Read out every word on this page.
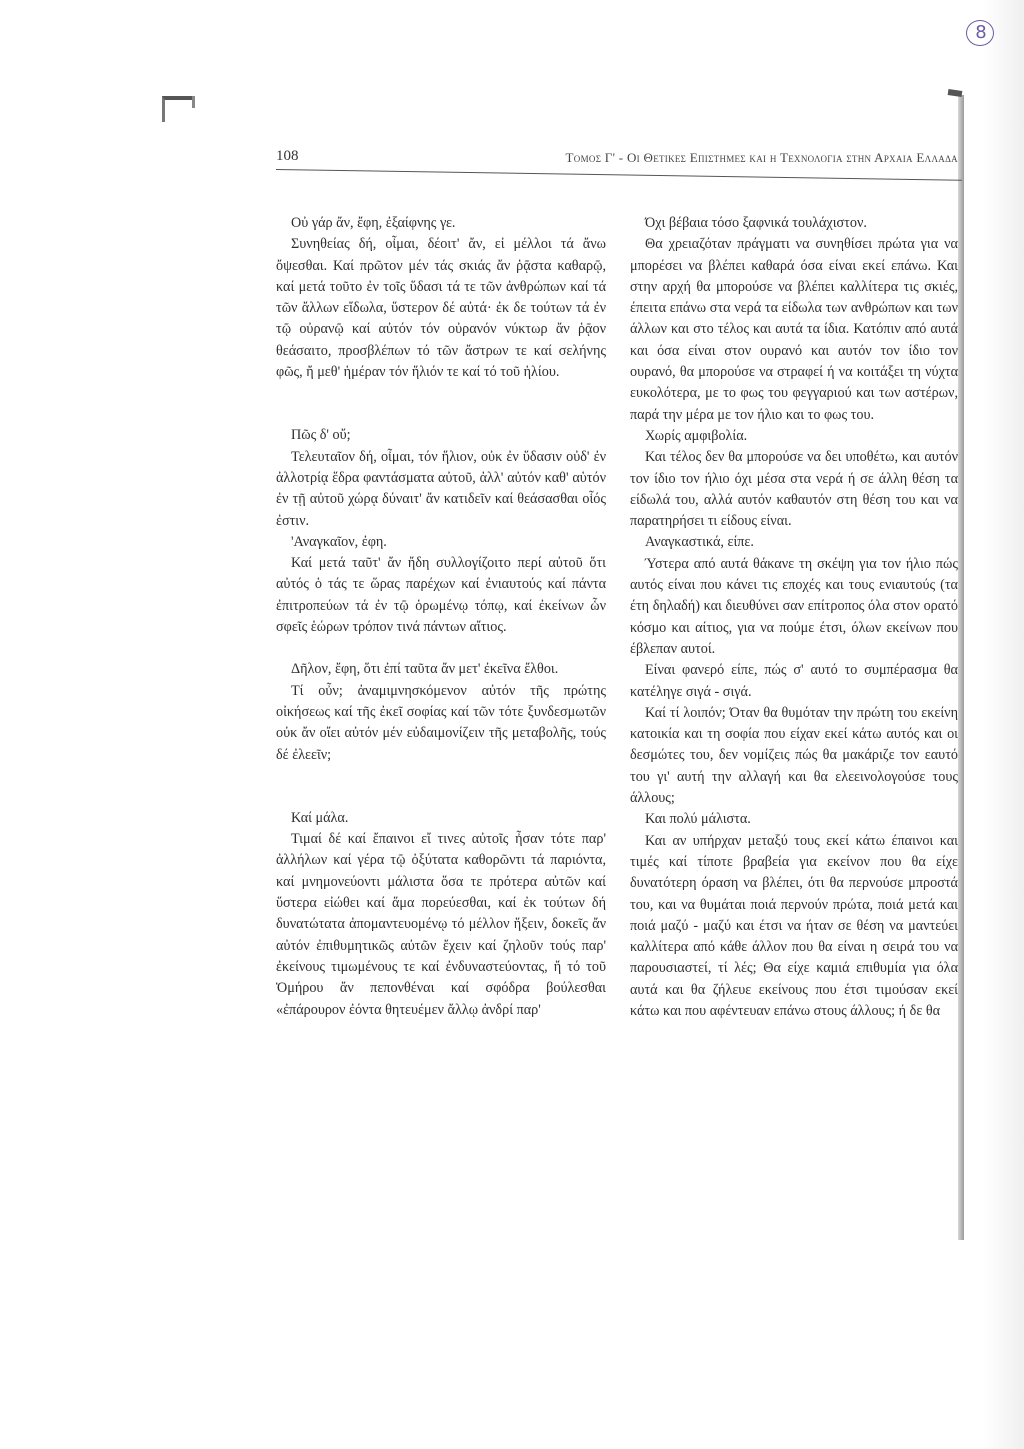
8
108	Τομος Γ' - Οι Θετικες Επιστημες και η Τεχνολογια στην Αρχαια Ελλαδα

Οὐ γάρ ἄν, ἔφη, ἐξαίφνης γε.

Συνηθείας δή, οἶμαι, δέοιτ' ἄν, εἰ μέλλοι τά ἄνω ὄψεσθαι. Καί πρῶτον μέν τάς σκιάς ἄν ῥᾷστα καθαρῷ, καί μετά τοῦτο ἐν τοῖς ὕδασι τά τε τῶν ἀνθρώπων καί τά τῶν ἄλλων εἴδωλα, ὕστερον δέ αὐτά· ἐκ δε τούτων τά ἐν τῷ οὐρανῷ καί αὐτόν τόν οὐρανόν νύκτωρ ἄν ῥᾷον θεάσαιτο, προσβλέπων τό τῶν ἄστρων τε καί σελήνης φῶς, ἤ μεθ' ἡμέραν τόν ἥλιόν τε καί τό τοῦ ἡλίου.

Πῶς δ' οὔ;

Τελευταῖον δή, οἶμαι, τόν ἥλιον, οὐκ ἐν ὕδασιν οὐδ' ἐν ἀλλοτρίᾳ ἕδρα φαντάσματα αὐτοῦ, ἀλλ' αὐτόν καθ' αὑτόν ἐν τῇ αὐτοῦ χώρᾳ δύναιτ' ἄν κατιδεῖν καί θεάσασθαι οἷός ἐστιν.

'Αναγκαῖον, ἐφη.

Καί μετά ταῦτ' ἄν ἤδη συλλογίζοιτο περί αὐτοῦ ὅτι αὐτός ὁ τάς τε ὥρας παρέχων καί ἐνιαυτούς καί πάντα ἐπιτροπεύων τά ἐν τῷ ὁρωμένῳ τόπῳ, καί ἐκείνων ὧν σφεῖς ἑώρων τρόπον τινά πάντων αἴτιος.

Δῆλον, ἔφη, ὅτι ἐπί ταῦτα ἄν μετ' ἐκεῖνα ἔλθοι.

Τί οὖν; ἀναμιμνησκόμενον αὐτόν τῆς πρώτης οἰκήσεως καί τῆς ἐκεῖ σοφίας καί τῶν τότε ξυνδεσμωτῶν οὐκ ἄν οἴει αὐτόν μέν εὐδαιμονίζειν τῆς μεταβολῆς, τούς δέ ἐλεεῖν;

Καί μάλα.

Τιμαί δέ καί ἔπαινοι εἴ τινες αὐτοῖς ἦσαν τότε παρ' ἀλλήλων καί γέρα τῷ ὀξύτατα καθορῶντι τά παριόντα, καί μνημονεύοντι μάλιστα ὅσα τε πρότερα αὐτῶν καί ὕστερα εἰώθει καί ἅμα πορεύεσθαι, καί ἐκ τούτων δή δυνατώτατα ἀπομαντευομένῳ τό μέλλον ἥξειν, δοκεῖς ἄν αὐτόν ἐπιθυμητικῶς αὐτῶν ἔχειν καί ζηλοῦν τούς παρ' ἐκείνους τιμωμένους τε καί ἐνδυναστεύοντας, ἤ τό τοῦ Ὁμήρου ἄν πεπονθέναι καί σφόδρα βούλεσθαι «ἐπάρουρον ἐόντα θητευέμεν ἄλλῳ ἀνδρί παρ'

Όχι βέβαια τόσο ξαφνικά τουλάχιστον.

Θα χρειαζόταν πράγματι να συνηθίσει πρώτα για να μπορέσει να βλέπει καθαρά όσα είναι εκεί επάνω. Και στην αρχή θα μπορούσε να βλέπει καλλίτερα τις σκιές, έπειτα επάνω στα νερά τα είδωλα των ανθρώπων και των άλλων και στο τέλος και αυτά τα ίδια. Κατόπιν από αυτά και όσα είναι στον ουρανό και αυτόν τον ίδιο τον ουρανό, θα μπορούσε να στραφεί ή να κοιτάξει τη νύχτα ευκολότερα, με το φως του φεγγαριού και των αστέρων, παρά την μέρα με τον ήλιο και το φως του.

Χωρίς αμφιβολία.

Και τέλος δεν θα μπορούσε να δει υποθέτω, και αυτόν τον ίδιο τον ήλιο όχι μέσα στα νερά ή σε άλλη θέση τα είδωλά του, αλλά αυτόν καθαυτόν στη θέση του και να παρατηρήσει τι είδους είναι.

Αναγκαστικά, είπε.

Ύστερα από αυτά θάκανε τη σκέψη για τον ήλιο πώς αυτός είναι που κάνει τις εποχές και τους ενιαυτούς (τα έτη δηλαδή) και διευθύνει σαν επίτροπος όλα στον ορατό κόσμο και αίτιος, για να πούμε έτσι, όλων εκείνων που έβλεπαν αυτοί.

Είναι φανερό είπε, πώς σ' αυτό το συμπέρασμα θα κατέληγε σιγά - σιγά.

Καί τί λοιπόν; Όταν θα θυμόταν την πρώτη του εκείνη κατοικία και τη σοφία που είχαν εκεί κάτω αυτός και οι δεσμώτες του, δεν νομίζεις πώς θα μακάριζε τον εαυτό του γι' αυτή την αλλαγή και θα ελεεινολογούσε τους άλλους;

Και πολύ μάλιστα.

Και αν υπήρχαν μεταξύ τους εκεί κάτω έπαινοι και τιμές καί τίποτε βραβεία για εκείνον που θα είχε δυνατότερη όραση να βλέπει, ότι θα περνούσε μπροστά του, και να θυμάται ποιά περνούν πρώτα, ποιά μετά και ποιά μαζύ - μαζύ και έτσι να ήταν σε θέση να μαντεύει καλλίτερα από κάθε άλλον που θα είναι η σειρά του να παρουσιαστεί, τί λές; Θα είχε καμιά επιθυμία για όλα αυτά και θα ζήλευε εκείνους που έτσι τιμούσαν εκεί κάτω και που αφέντευαν επάνω στους άλλους; ή δε θα
